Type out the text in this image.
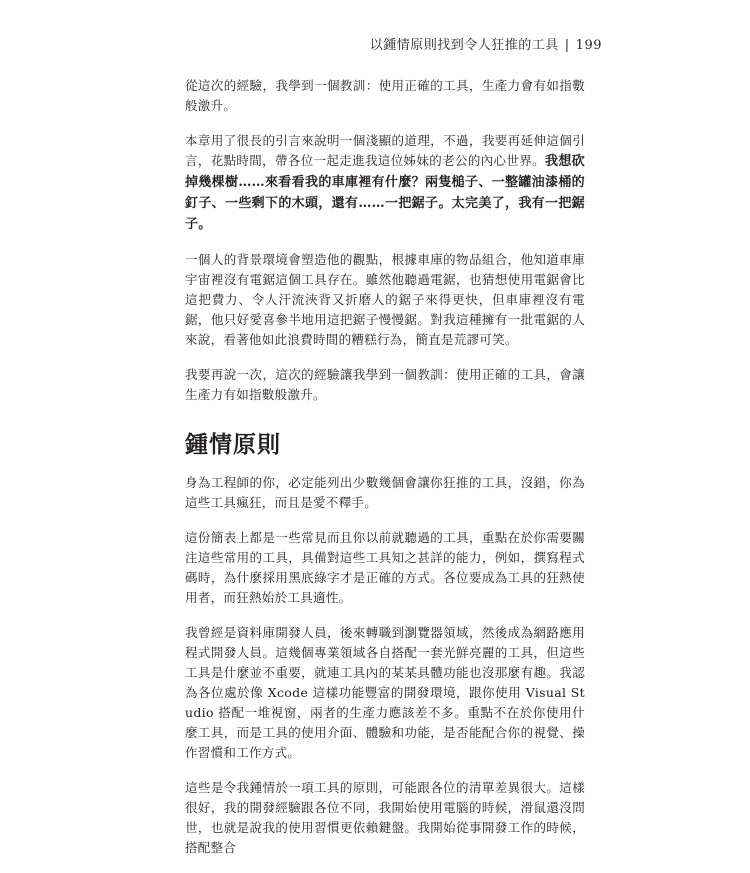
以鍾情原則找到令人狂推的工具 | 199

從這次的經驗，我學到一個教訓：使用正確的工具，生產力會有如指數般激升。

本章用了很長的引言來說明一個淺顯的道理，不過，我要再延伸這個引言，花點時間，帶各位一起走進我這位姊妹的老公的內心世界。我想砍掉幾棵樹……來看看我的車庫裡有什麼？兩隻槌子、一整罐油漆桶的釘子、一些剩下的木頭，還有……一把鋸子。太完美了，我有一把鋸子。

一個人的背景環境會塑造他的觀點，根據車庫的物品組合，他知道車庫宇宙裡沒有電鋸這個工具存在。雖然他聽過電鋸，也猜想使用電鋸會比這把費力、令人汗流浹背又折磨人的鋸子來得更快，但車庫裡沒有電鋸，他只好愛喜參半地用這把鋸子慢慢鋸。對我這種擁有一批電鋸的人來說，看著他如此浪費時間的糟糕行為，簡直是荒謬可笑。

我要再說一次，這次的經驗讓我學到一個教訓：使用正確的工具，會讓生產力有如指數般激升。

鍾情原則

身為工程師的你，必定能列出少數幾個會讓你狂推的工具，沒錯，你為這些工具瘋狂，而且是愛不釋手。

這份簡表上都是一些常見而且你以前就聽過的工具，重點在於你需要關注這些常用的工具，具備對這些工具知之甚詳的能力，例如，撰寫程式碼時，為什麼採用黑底綠字才是正確的方式。各位要成為工具的狂熱使用者，而狂熱始於工具適性。

我曾經是資料庫開發人員，後來轉職到瀏覽器領域，然後成為網路應用程式開發人員。這幾個專業領域各自搭配一套光鮮亮麗的工具，但這些工具是什麼並不重要，就連工具內的某某具體功能也沒那麼有趣。我認為各位處於像 Xcode 這樣功能豐富的開發環境，跟你使用 Visual Studio 搭配一堆視窗，兩者的生產力應該差不多。重點不在於你使用什麼工具，而是工具的使用介面、體驗和功能，是否能配合你的視覺、操作習慣和工作方式。

這些是令我鍾情於一項工具的原則，可能跟各位的清單差異很大。這樣很好，我的開發經驗跟各位不同，我開始使用電腦的時候，滑鼠還沒問世，也就是說我的使用習慣更依賴鍵盤。我開始從事開發工作的時候，搭配整合
